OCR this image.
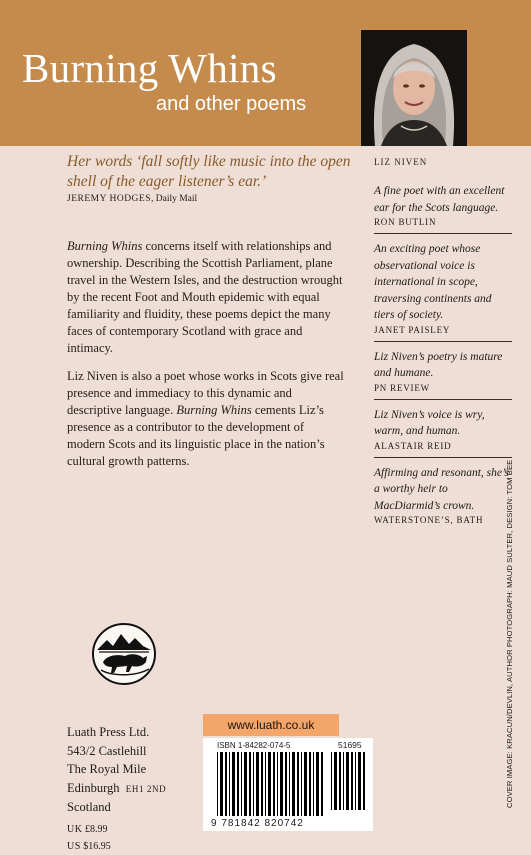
Burning Whins
and other poems
LIZ NIVEN
Her words ‘fall softly like music into the open shell of the eager listener’s ear.’
JEREMY HODGES, Daily Mail

Burning Whins concerns itself with relationships and ownership. Describing the Scottish Parliament, plane travel in the Western Isles, and the destruction wrought by the recent Foot and Mouth epidemic with equal familiarity and fluidity, these poems depict the many faces of contemporary Scotland with grace and intimacy.

Liz Niven is also a poet whose works in Scots give real presence and immediacy to this dynamic and descriptive language. Burning Whins cements Liz’s presence as a contributor to the development of modern Scots and its linguistic place in the nation’s cultural growth patterns.

A fine poet with an excellent ear for the Scots language.
RON BUTLIN
An exciting poet whose observational voice is international in scope, traversing continents and tiers of society.
JANET PAISLEY
Liz Niven’s poetry is mature and humane.
PN REVIEW
Liz Niven’s voice is wry, warm, and human.
ALASTAIR REID
Affirming and resonant, she’s a worthy heir to MacDiarmid’s crown.
WATERSTONE’S, BATH	COVER IMAGE: KRACUN/DEVLIN, AUTHOR PHOTOGRAPH: MAUD SULTER, DESIGN: TOM BEE
Luath Press Ltd.
543/2 Castlehill
The Royal Mile
Edinburgh EH1 2ND
Scotland
UK £8.99
US $16.95
www.luath.co.uk
ISBN 1-84282-074-5	51695
9 781842 820742
